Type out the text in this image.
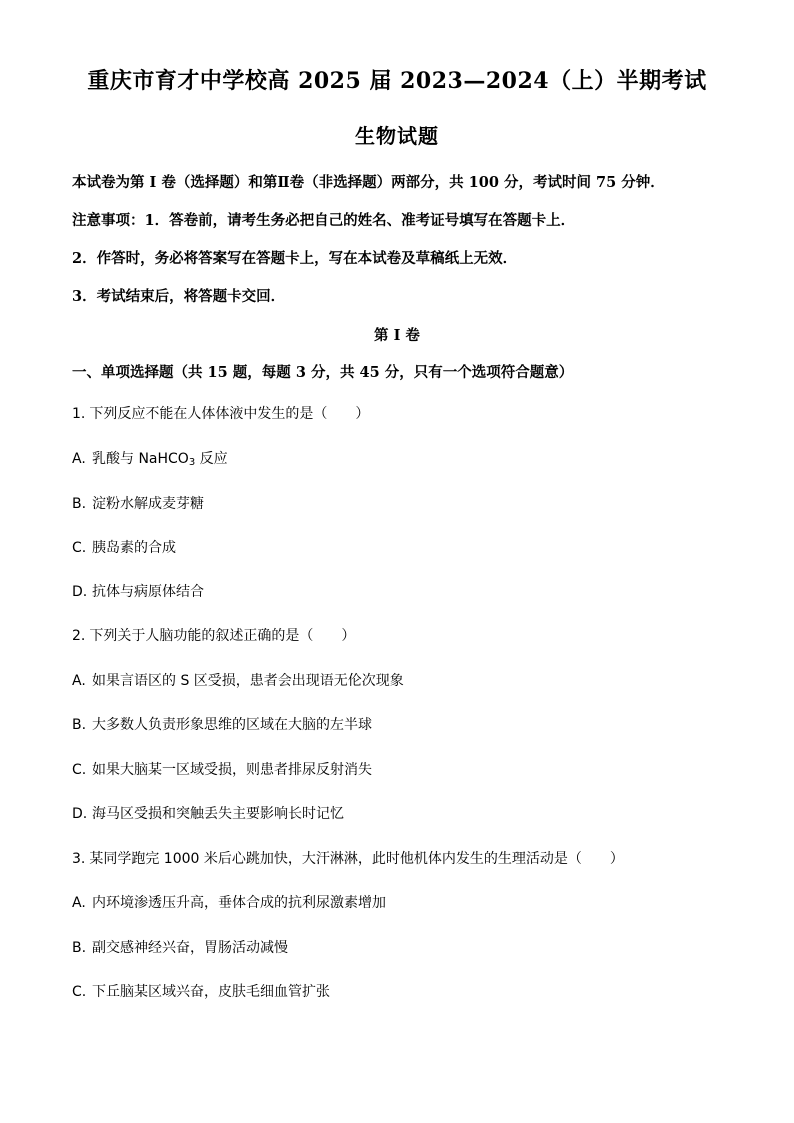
重庆市育才中学校高 2025 届 2023—2024（上）半期考试
生物试题
本试卷为第 I 卷（选择题）和第Ⅱ卷（非选择题）两部分，共 100 分，考试时间 75 分钟．
注意事项：1．答卷前，请考生务必把自己的姓名、准考证号填写在答题卡上．
2．作答时，务必将答案写在答题卡上，写在本试卷及草稿纸上无效．
3．考试结束后，将答题卡交回．
第 I 卷
一、单项选择题（共 15 题，每题 3 分，共 45 分，只有一个选项符合题意）
1. 下列反应不能在人体体液中发生的是（　　）
A. 乳酸与 NaHCO$_3$ 反应
B. 淀粉水解成麦芽糖
C. 胰岛素的合成
D. 抗体与病原体结合
2. 下列关于人脑功能的叙述正确的是（　　）
A. 如果言语区的 S 区受损，患者会出现语无伦次现象
B. 大多数人负责形象思维的区域在大脑的左半球
C. 如果大脑某一区域受损，则患者排尿反射消失
D. 海马区受损和突触丢失主要影响长时记忆
3. 某同学跑完 1000 米后心跳加快，大汗淋淋，此时他机体内发生的生理活动是（　　）
A. 内环境渗透压升高，垂体合成的抗利尿激素增加
B. 副交感神经兴奋，胃肠活动减慢
C. 下丘脑某区域兴奋，皮肤毛细血管扩张
